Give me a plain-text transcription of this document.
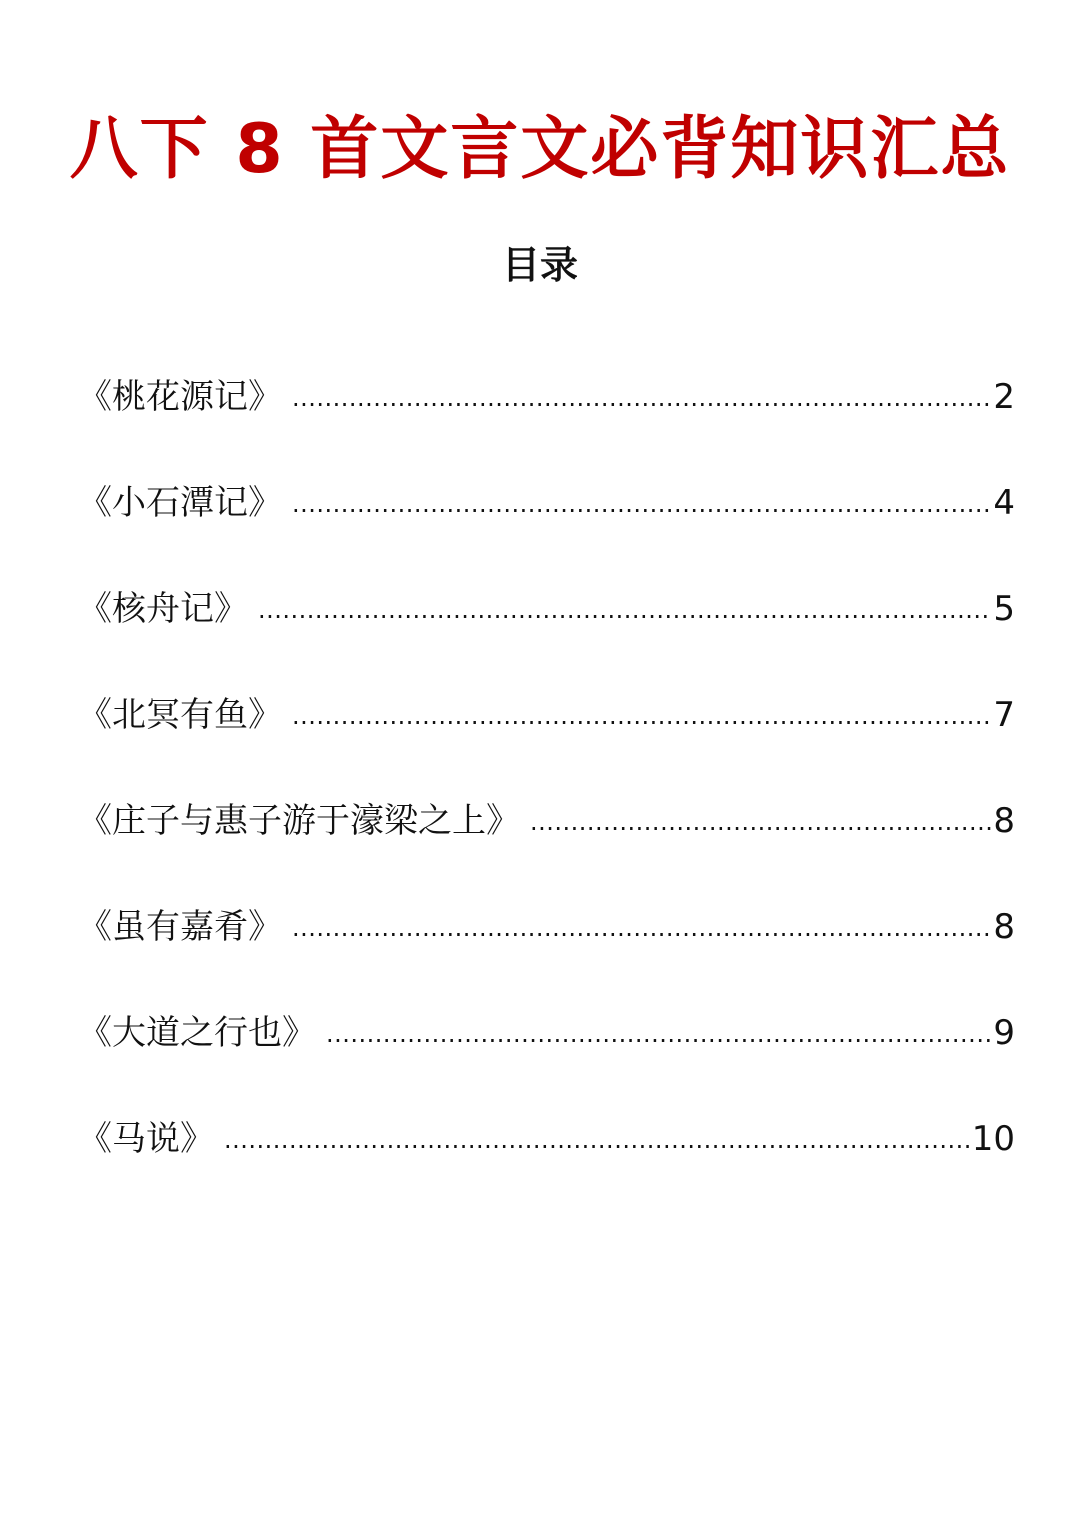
八下 8 首文言文必背知识汇总
目录
《桃花源记》 .....	2
《小石潭记》 .....	4
《核舟记》 .....	5
《北冥有鱼》 .....	7
《庄子与惠子游于濠梁之上》 .....	8
《虽有嘉肴》 .....	8
《大道之行也》 .....	9
《马说》 .....	10
